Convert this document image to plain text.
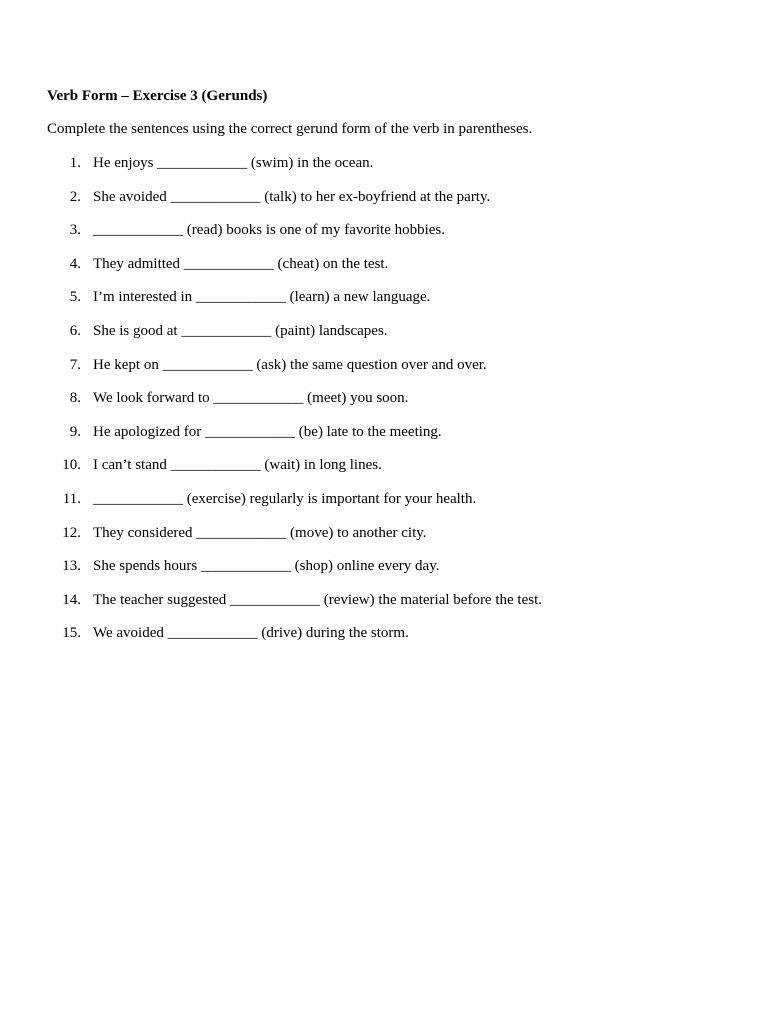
Verb Form – Exercise 3 (Gerunds)
Complete the sentences using the correct gerund form of the verb in parentheses.
1. He enjoys ____________ (swim) in the ocean.
2. She avoided ____________ (talk) to her ex-boyfriend at the party.
3. ____________ (read) books is one of my favorite hobbies.
4. They admitted ____________ (cheat) on the test.
5. I’m interested in ____________ (learn) a new language.
6. She is good at ____________ (paint) landscapes.
7. He kept on ____________ (ask) the same question over and over.
8. We look forward to ____________ (meet) you soon.
9. He apologized for ____________ (be) late to the meeting.
10. I can’t stand ____________ (wait) in long lines.
11. ____________ (exercise) regularly is important for your health.
12. They considered ____________ (move) to another city.
13. She spends hours ____________ (shop) online every day.
14. The teacher suggested ____________ (review) the material before the test.
15. We avoided ____________ (drive) during the storm.
